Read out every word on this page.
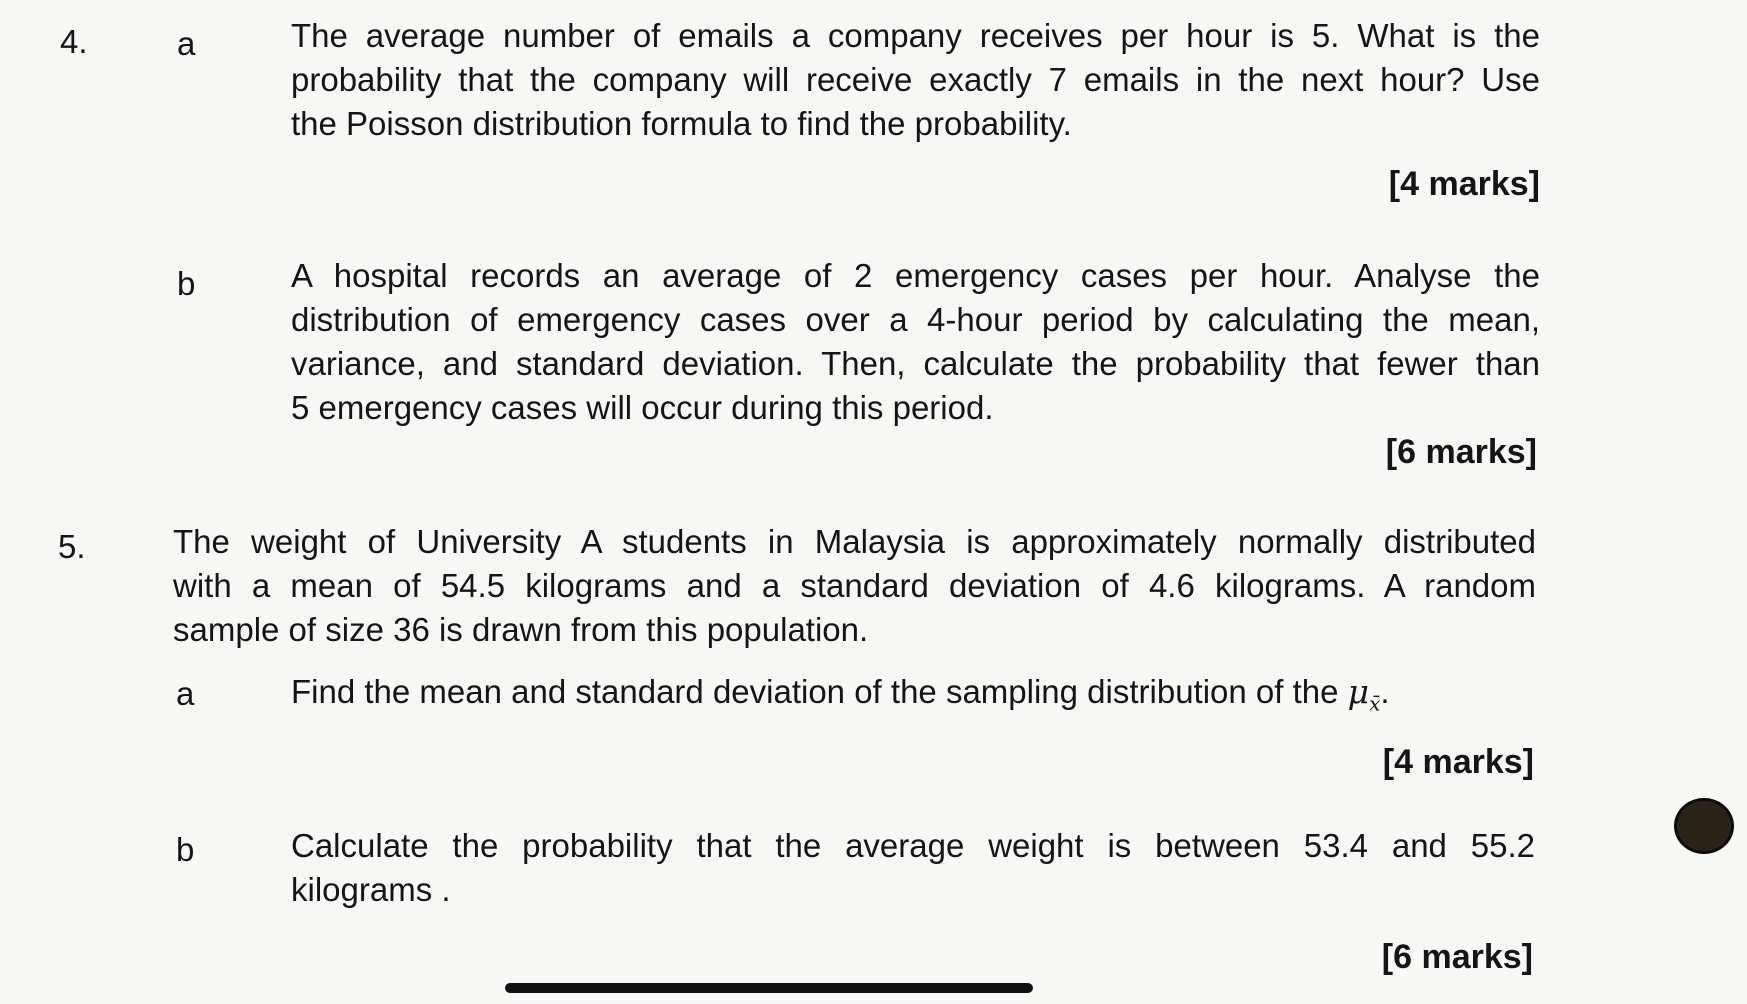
4.	a	The average number of emails a company receives per hour is 5. What is the
probability that the company will receive exactly 7 emails in the next hour? Use
the Poisson distribution formula to find the probability.
[4 marks]
b	A hospital records an average of 2 emergency cases per hour. Analyse the
distribution of emergency cases over a 4-hour period by calculating the mean,
variance, and standard deviation. Then, calculate the probability that fewer than
5 emergency cases will occur during this period.
[6 marks]
5.	The weight of University A students in Malaysia is approximately normally distributed
with a mean of 54.5 kilograms and a standard deviation of 4.6 kilograms. A random
sample of size 36 is drawn from this population.
a	Find the mean and standard deviation of the sampling distribution of the $\mu_{x̄}$.
[4 marks]
b	Calculate the probability that the average weight is between 53.4 and 55.2
kilograms .
[6 marks]
